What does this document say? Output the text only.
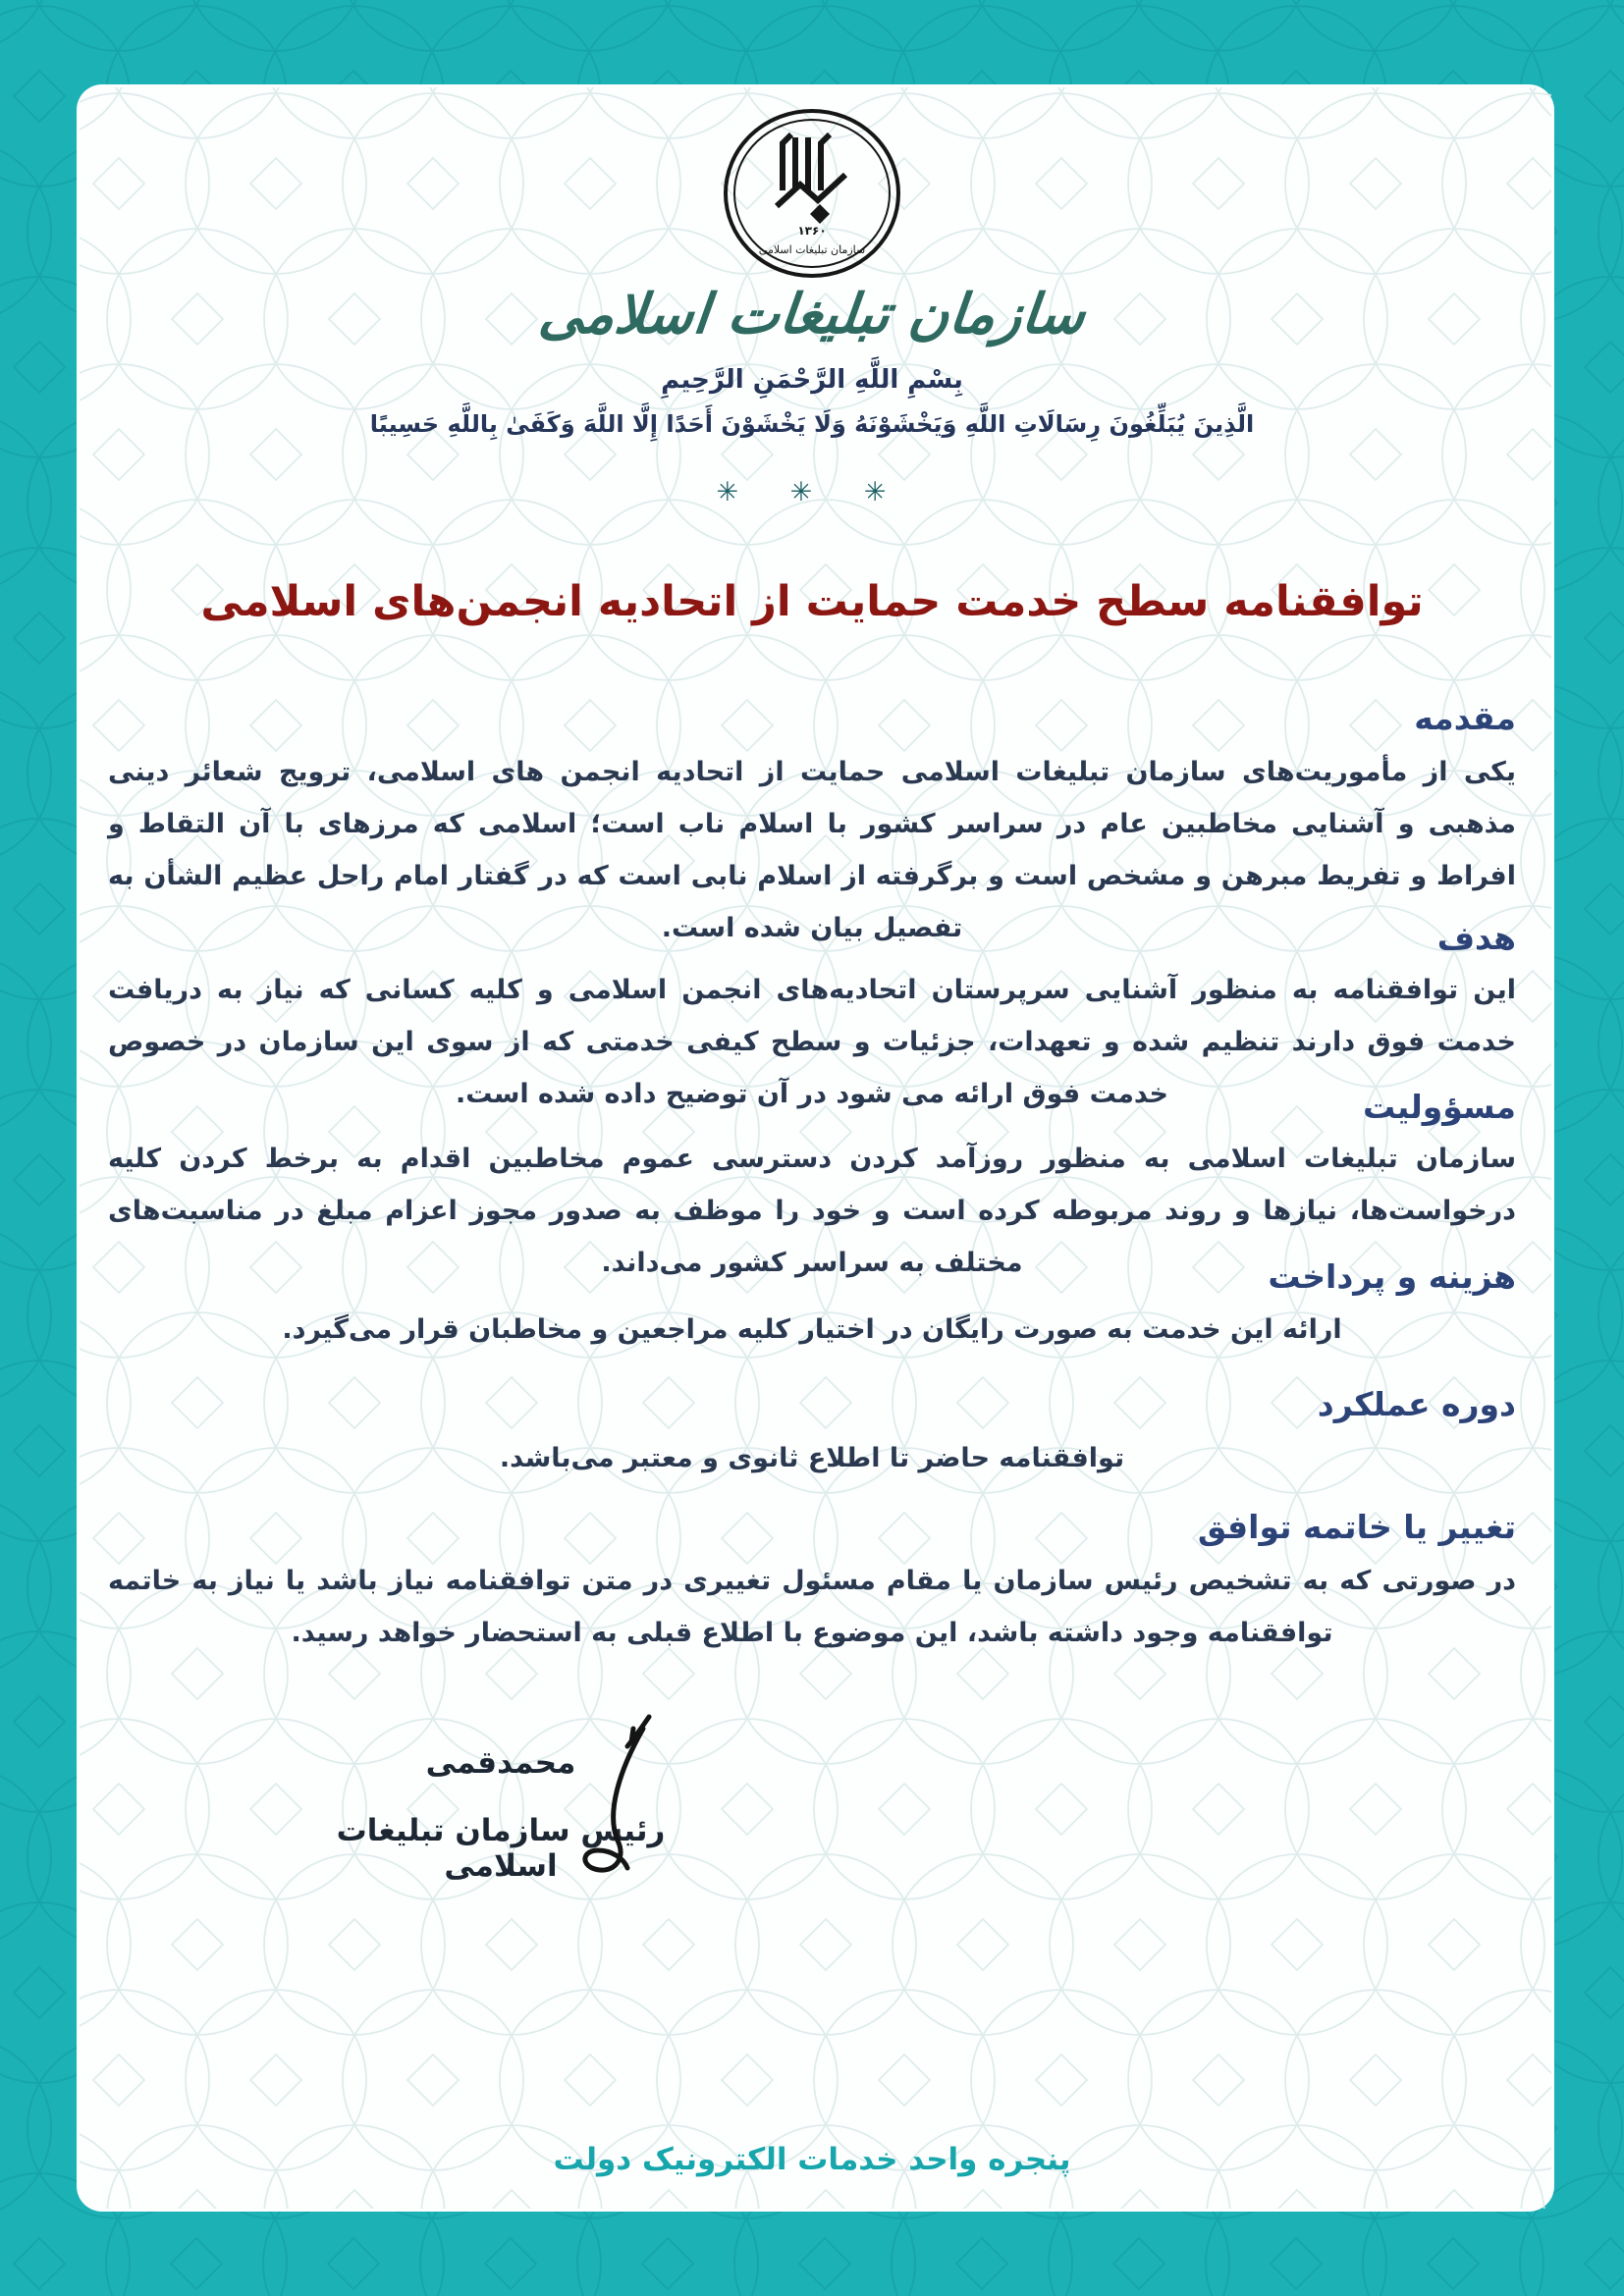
۱۳۶۰
سازمان تبلیغات اسلامی
سازمان تبلیغات اسلامی
بِسْمِ اللَّهِ الرَّحْمَنِ الرَّحِيمِ
الَّذِينَ يُبَلِّغُونَ رِسَالَاتِ اللَّهِ وَيَخْشَوْنَهُ وَلَا يَخْشَوْنَ أَحَدًا إِلَّا اللَّهَ وَكَفَىٰ بِاللَّهِ حَسِيبًا
✳ ✳ ✳
توافقنامه سطح خدمت حمایت از اتحادیه انجمن‌های اسلامی
مقدمه
یکی از مأموریت‌های سازمان تبلیغات اسلامی حمایت از اتحادیه انجمن های اسلامی، ترویج شعائر دینی مذهبی و آشنایی مخاطبین عام در سراسر کشور با اسلام ناب است؛ اسلامی که مرزهای با آن التقاط و افراط و تفریط مبرهن و مشخص است و برگرفته از اسلام نابی است که در گفتار امام راحل عظیم الشأن به تفصیل بیان شده است.	هدف
این توافقنامه به منظور آشنایی سرپرستان اتحادیه‌های انجمن اسلامی و کلیه کسانی که نیاز به دریافت خدمت فوق دارند تنظیم شده و تعهدات، جزئیات و سطح کیفی خدمتی که از سوی این سازمان در خصوص خدمت فوق ارائه می شود در آن توضیح داده شده است.	مسؤولیت
سازمان تبلیغات اسلامی به منظور روزآمد کردن دسترسی عموم مخاطبین اقدام به برخط کردن کلیه درخواست‌ها، نیازها و روند مربوطه کرده است و خود را موظف به صدور مجوز اعزام مبلغ در مناسبت‌های مختلف به سراسر کشور می‌داند.	هزینه و پرداخت
ارائه این خدمت به صورت رایگان در اختیار کلیه مراجعین و مخاطبان قرار می‌گیرد.
دوره عملکرد
توافقنامه حاضر تا اطلاع ثانوی و معتبر می‌باشد.
تغییر یا خاتمه توافق
در صورتی که به تشخیص رئیس سازمان یا مقام مسئول تغییری در متن توافقنامه نیاز باشد یا نیاز به خاتمه توافقنامه وجود داشته باشد، این موضوع با اطلاع قبلی به استحضار خواهد رسید.
محمدقمی
رئیس سازمان تبلیغات اسلامی
پنجره واحد خدمات الکترونیک دولت
